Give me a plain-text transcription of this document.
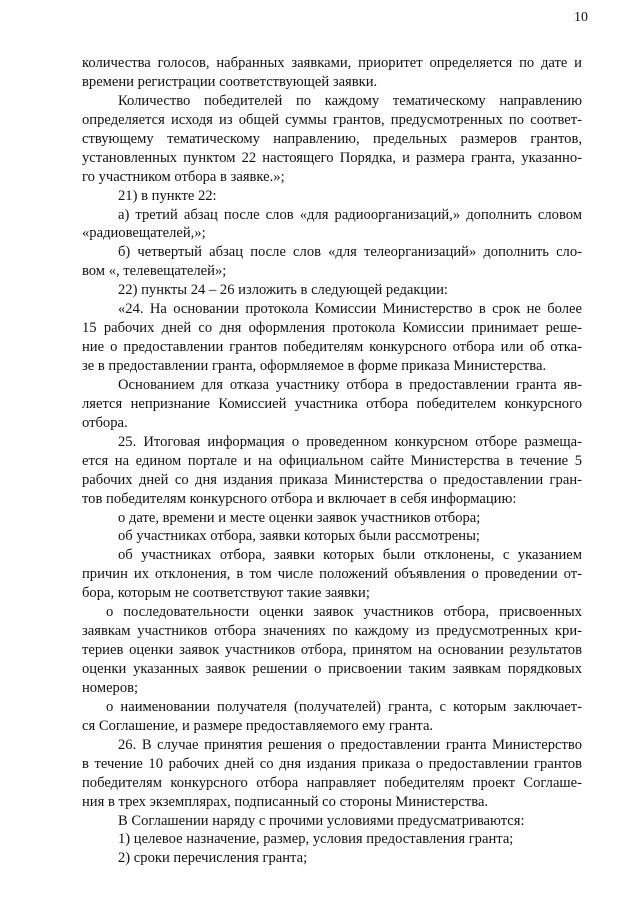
10
количества голосов, набранных заявками, приоритет определяется по дате и
времени регистрации соответствующей заявки.
Количество победителей по каждому тематическому направлению
определяется исходя из общей суммы грантов, предусмотренных по соответ-
ствующему тематическому направлению, предельных размеров грантов,
установленных пунктом 22 настоящего Порядка, и размера гранта, указанно-
го участником отбора в заявке.»;
21) в пункте 22:
а) третий абзац после слов «для радиоорганизаций,» дополнить словом
«радиовещателей,»;
б) четвертый абзац после слов «для телеорганизаций» дополнить сло-
вом «, телевещателей»;
22) пункты 24 – 26 изложить в следующей редакции:
«24. На основании протокола Комиссии Министерство в срок не более
15 рабочих дней со дня оформления протокола Комиссии принимает реше-
ние о предоставлении грантов победителям конкурсного отбора или об отка-
зе в предоставлении гранта, оформляемое в форме приказа Министерства.
Основанием для отказа участнику отбора в предоставлении гранта яв-
ляется непризнание Комиссией участника отбора победителем конкурсного
отбора.
25. Итоговая информация о проведенном конкурсном отборе размеща-
ется на едином портале и на официальном сайте Министерства в течение 5
рабочих дней со дня издания приказа Министерства о предоставлении гран-
тов победителям конкурсного отбора и включает в себя информацию:
о дате, времени и месте оценки заявок участников отбора;
об участниках отбора, заявки которых были рассмотрены;
об участниках отбора, заявки которых были отклонены, с указанием
причин их отклонения, в том числе положений объявления о проведении от-
бора, которым не соответствуют такие заявки;
о последовательности оценки заявок участников отбора, присвоенных
заявкам участников отбора значениях по каждому из предусмотренных кри-
териев оценки заявок участников отбора, принятом на основании результатов
оценки указанных заявок решении о присвоении таким заявкам порядковых
номеров;
о наименовании получателя (получателей) гранта, с которым заключает-
ся Соглашение, и размере предоставляемого ему гранта.
26. В случае принятия решения о предоставлении гранта Министерство
в течение 10 рабочих дней со дня издания приказа о предоставлении грантов
победителям конкурсного отбора направляет победителям проект Соглаше-
ния в трех экземплярах, подписанный со стороны Министерства.
В Соглашении наряду с прочими условиями предусматриваются:
1) целевое назначение, размер, условия предоставления гранта;
2) сроки перечисления гранта;
